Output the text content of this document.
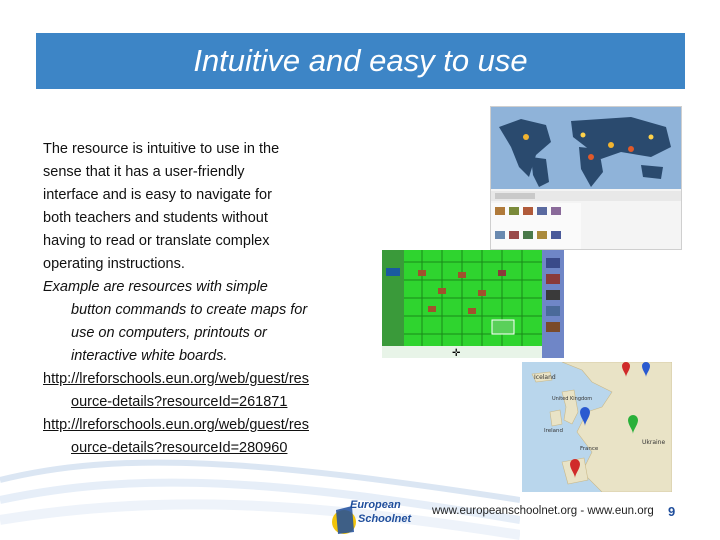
Intuitive and easy to use

The resource is intuitive to use in the

sense that it has a user-friendly

interface and is easy to navigate for

both teachers and students without

having to read or translate complex

operating instructions.

Example are resources with simple

button commands to create maps for

use on computers, printouts or

interactive white boards.

http://lreforschools.eun.org/web/guest/res

ource-details?resourceId=261871

http://lreforschools.eun.org/web/guest/res

ource-details?resourceId=280960

✛
Iceland
United Kingdom
Ireland
Ukraine
France
European
Schoolnet
www.europeanschoolnet.org - www.eun.org 9
